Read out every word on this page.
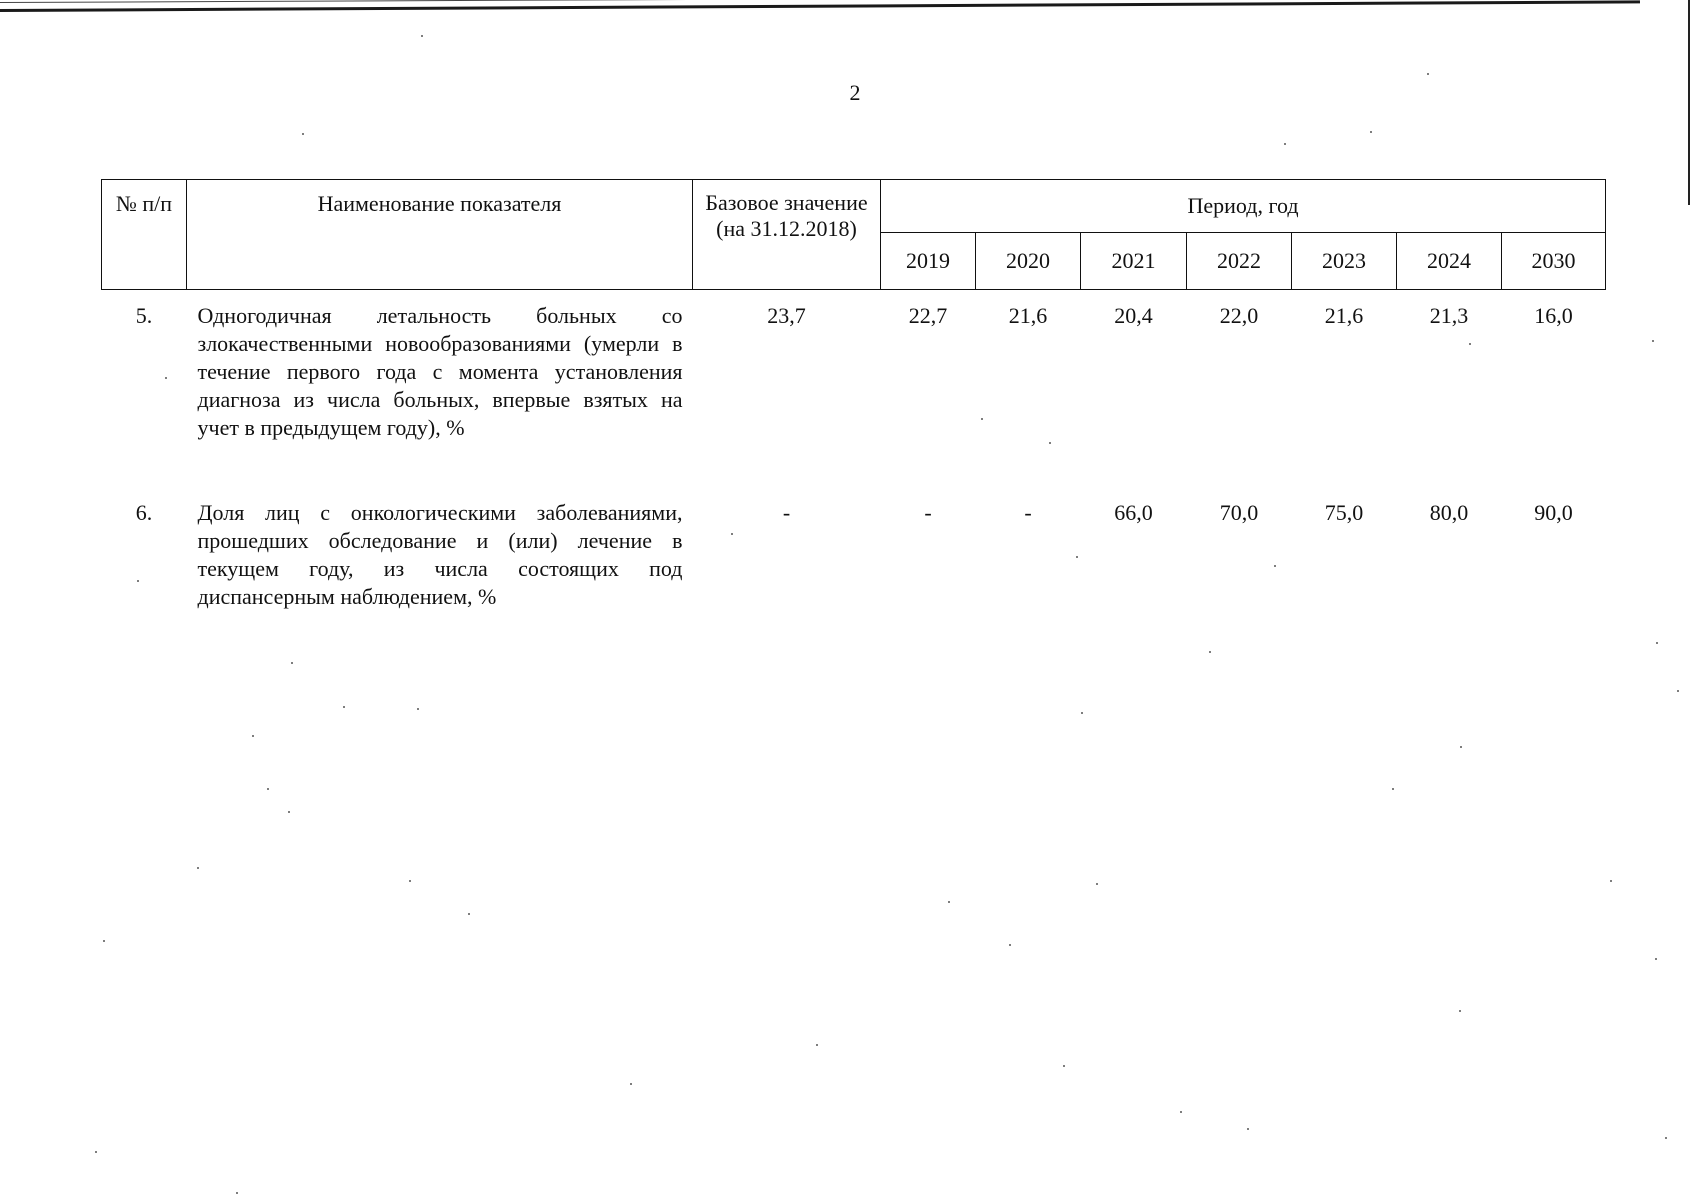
2
№ п/п	Наименование показателя	Базовое значение (на 31.12.2018)	Период, год						
			2019	2020	2021	2022	2023	2024	2030
5.	Одногодичная летальность больных со злокачественными новообразованиями (умерли в течение первого года с момента установления диагноза из числа больных, впервые взятых на учет в предыдущем году), %	23,7	22,7	21,6	20,4	22,0	21,6	21,3	16,0
6.	Доля лиц с онкологическими заболеваниями, прошедших обследование и (или) лечение в текущем году, из числа состоящих под диспансерным наблюдением, %	-	-	-	66,0	70,0	75,0	80,0	90,0
